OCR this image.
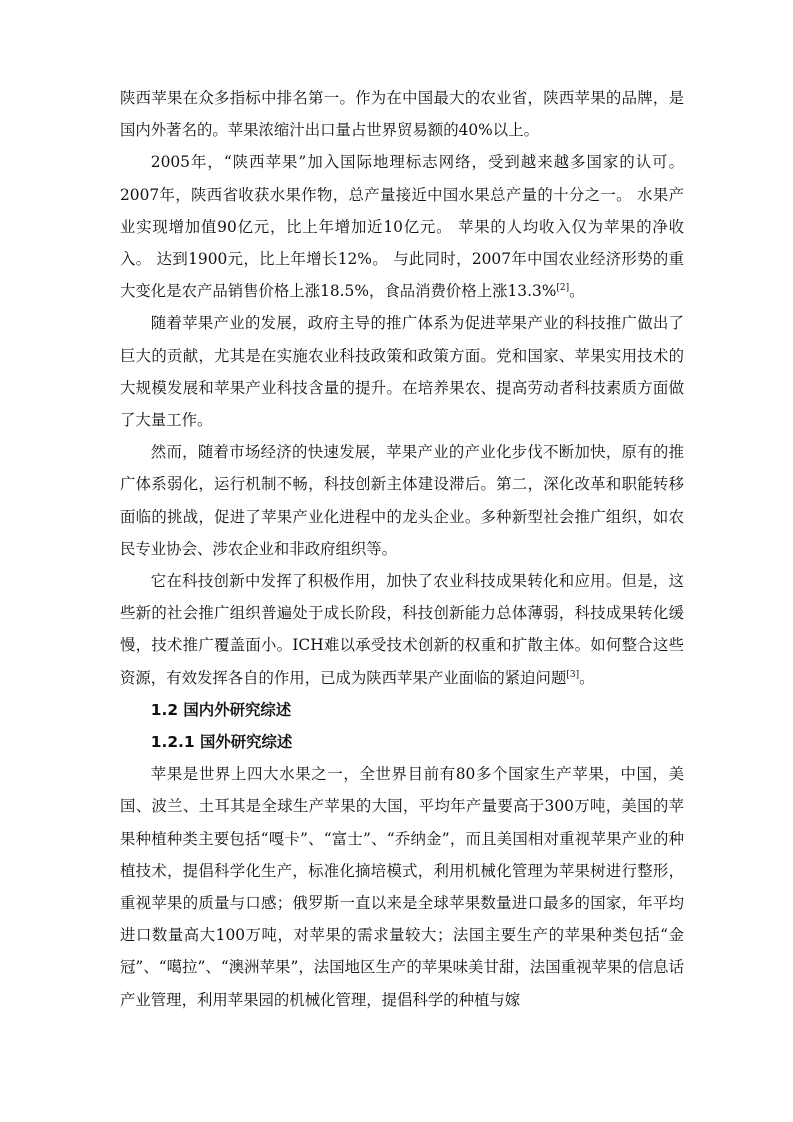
陕西苹果在众多指标中排名第一。作为在中国最大的农业省，陕西苹果的品牌，是国内外著名的。苹果浓缩汁出口量占世界贸易额的40%以上。

2005年，“陕西苹果”加入国际地理标志网络，受到越来越多国家的认可。2007年，陕西省收获水果作物，总产量接近中国水果总产量的十分之一。 水果产业实现增加值90亿元，比上年增加近10亿元。 苹果的人均收入仅为苹果的净收入。 达到1900元，比上年增长12%。 与此同时，2007年中国农业经济形势的重大变化是农产品销售价格上涨18.5%，食品消费价格上涨13.3%[2]。

随着苹果产业的发展，政府主导的推广体系为促进苹果产业的科技推广做出了巨大的贡献，尤其是在实施农业科技政策和政策方面。党和国家、苹果实用技术的大规模发展和苹果产业科技含量的提升。在培养果农、提高劳动者科技素质方面做了大量工作。

然而，随着市场经济的快速发展，苹果产业的产业化步伐不断加快，原有的推广体系弱化，运行机制不畅，科技创新主体建设滞后。第二，深化改革和职能转移面临的挑战，促进了苹果产业化进程中的龙头企业。多种新型社会推广组织，如农民专业协会、涉农企业和非政府组织等。

它在科技创新中发挥了积极作用，加快了农业科技成果转化和应用。但是，这些新的社会推广组织普遍处于成长阶段，科技创新能力总体薄弱，科技成果转化缓慢，技术推广覆盖面小。ICH难以承受技术创新的权重和扩散主体。如何整合这些资源，有效发挥各自的作用，已成为陕西苹果产业面临的紧迫问题[3]。

1.2 国内外研究综述
1.2.1 国外研究综述

苹果是世界上四大水果之一，全世界目前有80多个国家生产苹果，中国，美国、波兰、土耳其是全球生产苹果的大国，平均年产量要高于300万吨，美国的苹果种植种类主要包括“嘎卡”、“富士”、“乔纳金”，而且美国相对重视苹果产业的种植技术，提倡科学化生产，标准化摘培模式，利用机械化管理为苹果树进行整形，重视苹果的质量与口感；俄罗斯一直以来是全球苹果数量进口最多的国家，年平均进口数量高大100万吨，对苹果的需求量较大；法国主要生产的苹果种类包括“金冠”、“噶拉”、“澳洲苹果”，法国地区生产的苹果味美甘甜，法国重视苹果的信息话产业管理，利用苹果园的机械化管理，提倡科学的种植与嫁
